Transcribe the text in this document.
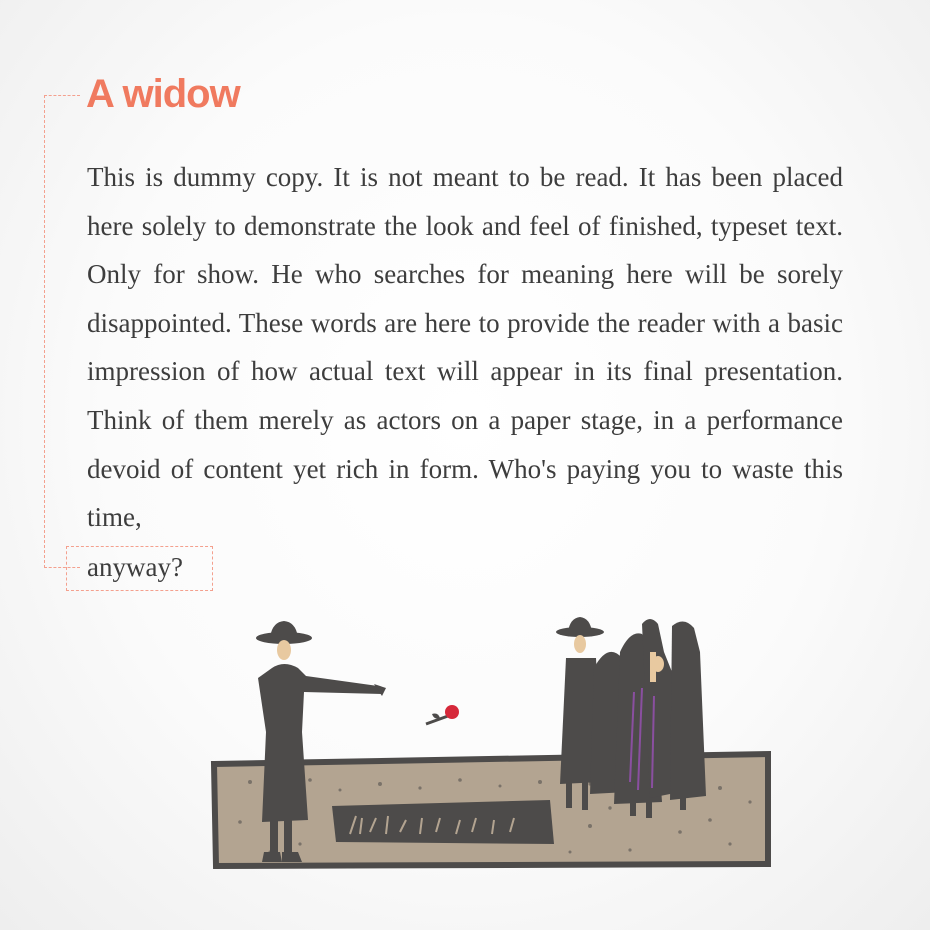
A widow

This is dummy copy. It is not meant to be read. It has been placed here solely to demonstrate the look and feel of finished, typeset text. Only for show. He who searches for meaning here will be sorely disappointed. These words are here to provide the reader with a basic impression of how actual text will appear in its final presentation. Think of them merely as actors on a paper stage, in a performance devoid of content yet rich in form. Who's paying you to waste this time,

anyway?
